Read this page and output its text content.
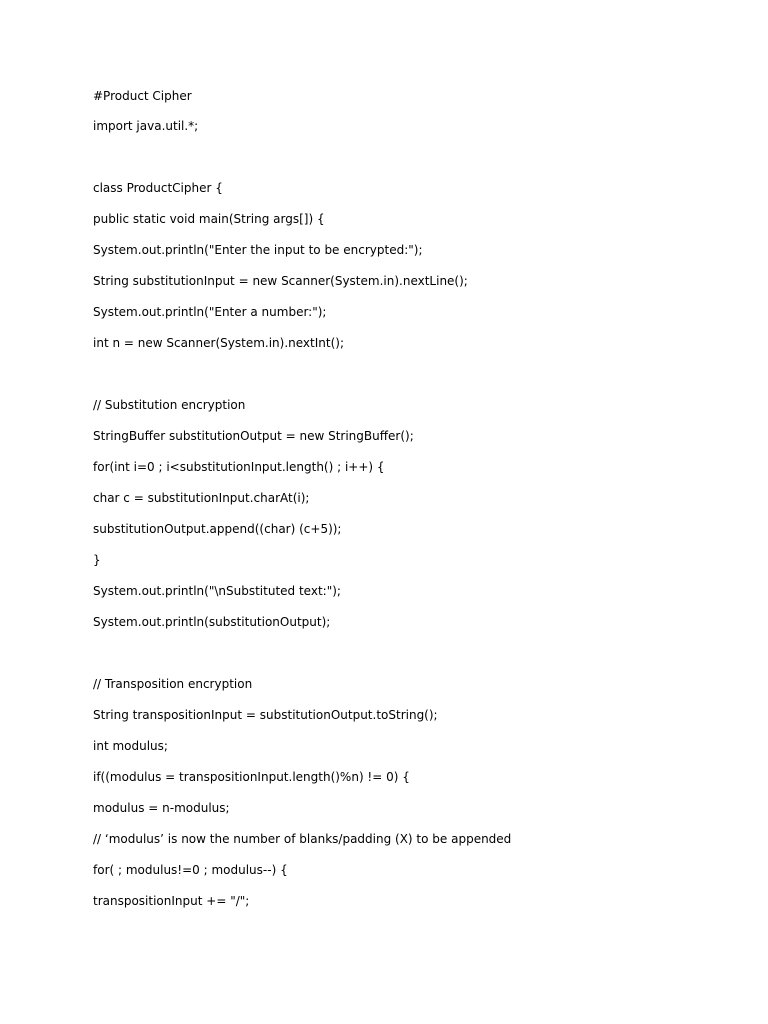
#Product Cipher

import java.util.*;

class ProductCipher {

public static void main(String args[]) {

System.out.println("Enter the input to be encrypted:");

String substitutionInput = new Scanner(System.in).nextLine();

System.out.println("Enter a number:");

int n = new Scanner(System.in).nextInt();

// Substitution encryption

StringBuffer substitutionOutput = new StringBuffer();

for(int i=0 ; i<substitutionInput.length() ; i++) {

char c = substitutionInput.charAt(i);

substitutionOutput.append((char) (c+5));

}

System.out.println("\nSubstituted text:");

System.out.println(substitutionOutput);

// Transposition encryption

String transpositionInput = substitutionOutput.toString();

int modulus;

if((modulus = transpositionInput.length()%n) != 0) {

modulus = n-modulus;

// ‘modulus’ is now the number of blanks/padding (X) to be appended

for( ; modulus!=0 ; modulus--) {

transpositionInput += "/";
